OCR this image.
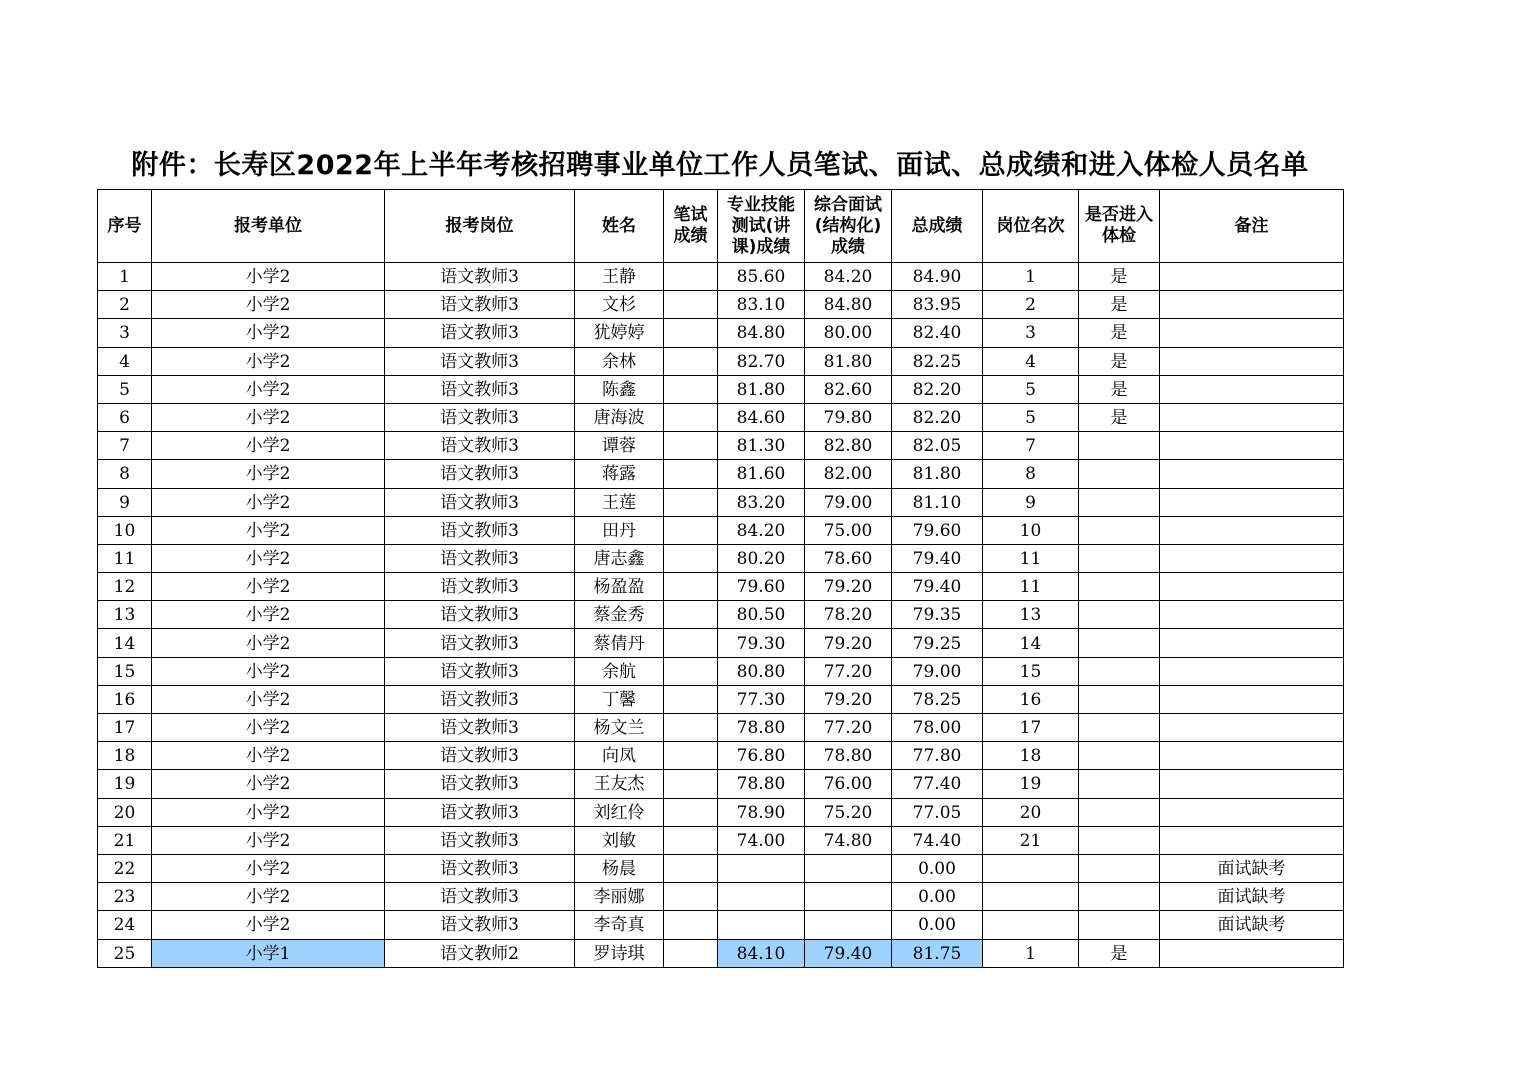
附件：长寿区2022年上半年考核招聘事业单位工作人员笔试、面试、总成绩和进入体检人员名单
序号	报考单位	报考岗位	姓名	笔试成绩	专业技能测试(讲课)成绩	综合面试(结构化)成绩	总成绩	岗位名次	是否进入体检	备注
1	小学2	语文教师3	王静		85.60	84.20	84.90	1	是	
2	小学2	语文教师3	文杉		83.10	84.80	83.95	2	是	
3	小学2	语文教师3	犹婷婷		84.80	80.00	82.40	3	是	
4	小学2	语文教师3	余林		82.70	81.80	82.25	4	是	
5	小学2	语文教师3	陈鑫		81.80	82.60	82.20	5	是	
6	小学2	语文教师3	唐海波		84.60	79.80	82.20	5	是	
7	小学2	语文教师3	谭蓉		81.30	82.80	82.05	7		
8	小学2	语文教师3	蒋露		81.60	82.00	81.80	8		
9	小学2	语文教师3	王莲		83.20	79.00	81.10	9		
10	小学2	语文教师3	田丹		84.20	75.00	79.60	10		
11	小学2	语文教师3	唐志鑫		80.20	78.60	79.40	11		
12	小学2	语文教师3	杨盈盈		79.60	79.20	79.40	11		
13	小学2	语文教师3	蔡金秀		80.50	78.20	79.35	13		
14	小学2	语文教师3	蔡倩丹		79.30	79.20	79.25	14		
15	小学2	语文教师3	余航		80.80	77.20	79.00	15		
16	小学2	语文教师3	丁馨		77.30	79.20	78.25	16		
17	小学2	语文教师3	杨文兰		78.80	77.20	78.00	17		
18	小学2	语文教师3	向凤		76.80	78.80	77.80	18		
19	小学2	语文教师3	王友杰		78.80	76.00	77.40	19		
20	小学2	语文教师3	刘红伶		78.90	75.20	77.05	20		
21	小学2	语文教师3	刘敏		74.00	74.80	74.40	21		
22	小学2	语文教师3	杨晨				0.00			面试缺考
23	小学2	语文教师3	李丽娜				0.00			面试缺考
24	小学2	语文教师3	李奇真				0.00			面试缺考
25	小学1	语文教师2	罗诗琪		84.10	79.40	81.75	1	是	
